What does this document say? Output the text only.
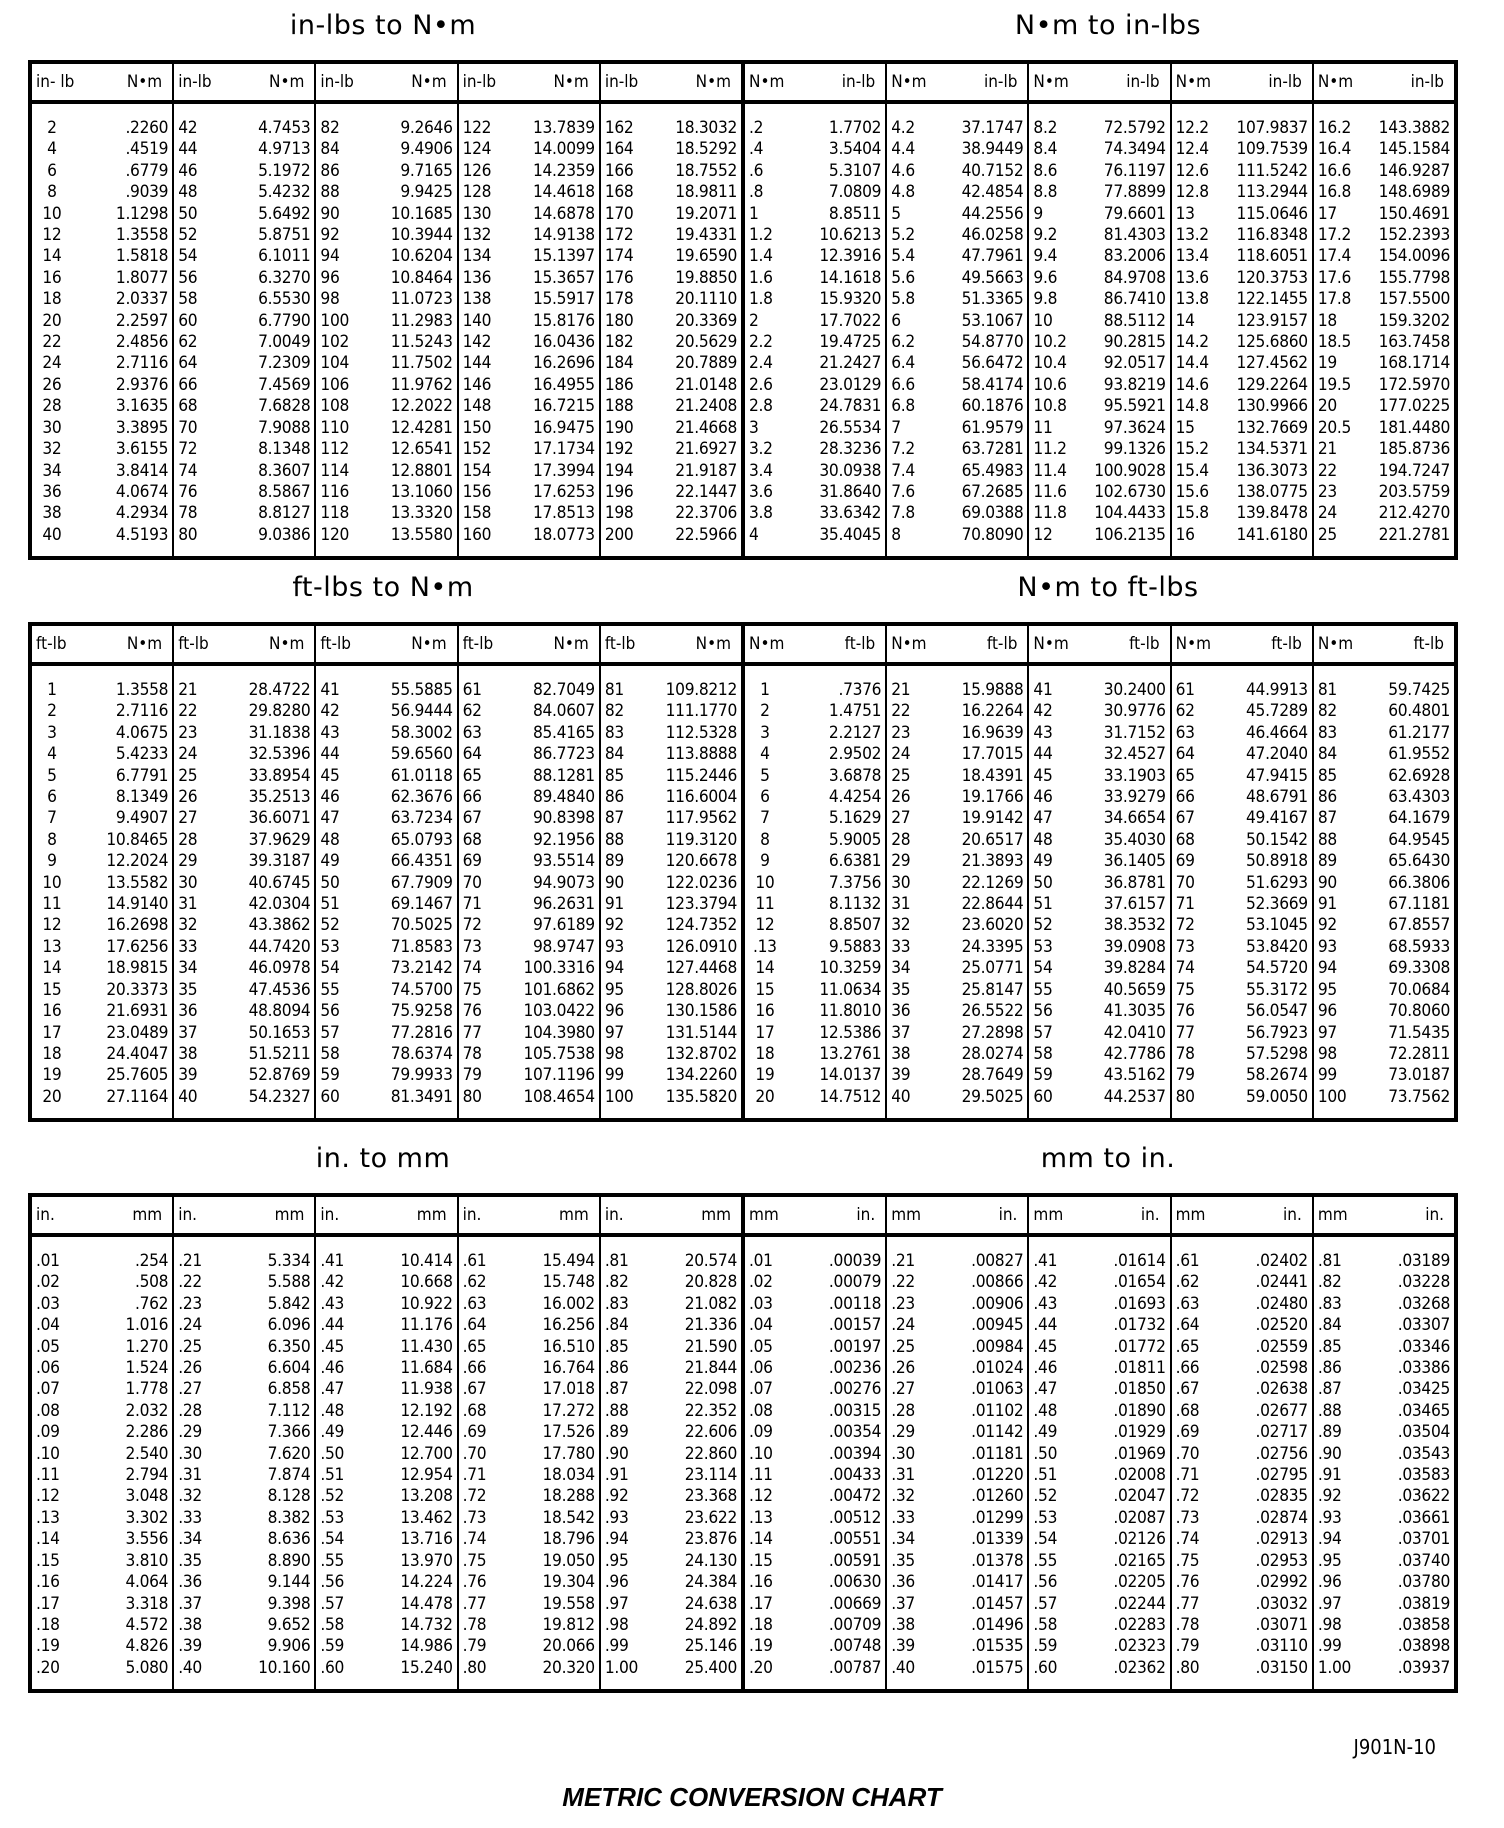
in-lbs to N•m	N•m to in-lbs
in- lb	N•m
2	.2260
4	.4519
6	.6779
8	.9039
10	1.1298
12	1.3558
14	1.5818
16	1.8077
18	2.0337
20	2.2597
22	2.4856
24	2.7116
26	2.9376
28	3.1635
30	3.3895
32	3.6155
34	3.8414
36	4.0674
38	4.2934
40	4.5193
in-lb	N•m
42	4.7453
44	4.9713
46	5.1972
48	5.4232
50	5.6492
52	5.8751
54	6.1011
56	6.3270
58	6.5530
60	6.7790
62	7.0049
64	7.2309
66	7.4569
68	7.6828
70	7.9088
72	8.1348
74	8.3607
76	8.5867
78	8.8127
80	9.0386
in-lb	N•m
82	9.2646
84	9.4906
86	9.7165
88	9.9425
90	10.1685
92	10.3944
94	10.6204
96	10.8464
98	11.0723
100	11.2983
102	11.5243
104	11.7502
106	11.9762
108	12.2022
110	12.4281
112	12.6541
114	12.8801
116	13.1060
118	13.3320
120	13.5580
in-lb	N•m
122	13.7839
124	14.0099
126	14.2359
128	14.4618
130	14.6878
132	14.9138
134	15.1397
136	15.3657
138	15.5917
140	15.8176
142	16.0436
144	16.2696
146	16.4955
148	16.7215
150	16.9475
152	17.1734
154	17.3994
156	17.6253
158	17.8513
160	18.0773
in-lb	N•m
162	18.3032
164	18.5292
166	18.7552
168	18.9811
170	19.2071
172	19.4331
174	19.6590
176	19.8850
178	20.1110
180	20.3369
182	20.5629
184	20.7889
186	21.0148
188	21.2408
190	21.4668
192	21.6927
194	21.9187
196	22.1447
198	22.3706
200	22.5966
N•m	in-lb
.2	1.7702
.4	3.5404
.6	5.3107
.8	7.0809
1	8.8511
1.2	10.6213
1.4	12.3916
1.6	14.1618
1.8	15.9320
2	17.7022
2.2	19.4725
2.4	21.2427
2.6	23.0129
2.8	24.7831
3	26.5534
3.2	28.3236
3.4	30.0938
3.6	31.8640
3.8	33.6342
4	35.4045
N•m	in-lb
4.2	37.1747
4.4	38.9449
4.6	40.7152
4.8	42.4854
5	44.2556
5.2	46.0258
5.4	47.7961
5.6	49.5663
5.8	51.3365
6	53.1067
6.2	54.8770
6.4	56.6472
6.6	58.4174
6.8	60.1876
7	61.9579
7.2	63.7281
7.4	65.4983
7.6	67.2685
7.8	69.0388
8	70.8090
N•m	in-lb
8.2	72.5792
8.4	74.3494
8.6	76.1197
8.8	77.8899
9	79.6601
9.2	81.4303
9.4	83.2006
9.6	84.9708
9.8	86.7410
10	88.5112
10.2	90.2815
10.4	92.0517
10.6	93.8219
10.8	95.5921
11	97.3624
11.2	99.1326
11.4	100.9028
11.6	102.6730
11.8	104.4433
12	106.2135
N•m	in-lb
12.2	107.9837
12.4	109.7539
12.6	111.5242
12.8	113.2944
13	115.0646
13.2	116.8348
13.4	118.6051
13.6	120.3753
13.8	122.1455
14	123.9157
14.2	125.6860
14.4	127.4562
14.6	129.2264
14.8	130.9966
15	132.7669
15.2	134.5371
15.4	136.3073
15.6	138.0775
15.8	139.8478
16	141.6180
N•m	in-lb
16.2	143.3882
16.4	145.1584
16.6	146.9287
16.8	148.6989
17	150.4691
17.2	152.2393
17.4	154.0096
17.6	155.7798
17.8	157.5500
18	159.3202
18.5	163.7458
19	168.1714
19.5	172.5970
20	177.0225
20.5	181.4480
21	185.8736
22	194.7247
23	203.5759
24	212.4270
25	221.2781
ft-lbs to N•m	N•m to ft-lbs
ft-lb	N•m
1	1.3558
2	2.7116
3	4.0675
4	5.4233
5	6.7791
6	8.1349
7	9.4907
8	10.8465
9	12.2024
10	13.5582
11	14.9140
12	16.2698
13	17.6256
14	18.9815
15	20.3373
16	21.6931
17	23.0489
18	24.4047
19	25.7605
20	27.1164
ft-lb	N•m
21	28.4722
22	29.8280
23	31.1838
24	32.5396
25	33.8954
26	35.2513
27	36.6071
28	37.9629
29	39.3187
30	40.6745
31	42.0304
32	43.3862
33	44.7420
34	46.0978
35	47.4536
36	48.8094
37	50.1653
38	51.5211
39	52.8769
40	54.2327
ft-lb	N•m
41	55.5885
42	56.9444
43	58.3002
44	59.6560
45	61.0118
46	62.3676
47	63.7234
48	65.0793
49	66.4351
50	67.7909
51	69.1467
52	70.5025
53	71.8583
54	73.2142
55	74.5700
56	75.9258
57	77.2816
58	78.6374
59	79.9933
60	81.3491
ft-lb	N•m
61	82.7049
62	84.0607
63	85.4165
64	86.7723
65	88.1281
66	89.4840
67	90.8398
68	92.1956
69	93.5514
70	94.9073
71	96.2631
72	97.6189
73	98.9747
74	100.3316
75	101.6862
76	103.0422
77	104.3980
78	105.7538
79	107.1196
80	108.4654
ft-lb	N•m
81	109.8212
82	111.1770
83	112.5328
84	113.8888
85	115.2446
86	116.6004
87	117.9562
88	119.3120
89	120.6678
90	122.0236
91	123.3794
92	124.7352
93	126.0910
94	127.4468
95	128.8026
96	130.1586
97	131.5144
98	132.8702
99	134.2260
100	135.5820
N•m	ft-lb
1	.7376
2	1.4751
3	2.2127
4	2.9502
5	3.6878
6	4.4254
7	5.1629
8	5.9005
9	6.6381
10	7.3756
11	8.1132
12	8.8507
.13	9.5883
14	10.3259
15	11.0634
16	11.8010
17	12.5386
18	13.2761
19	14.0137
20	14.7512
N•m	ft-lb
21	15.9888
22	16.2264
23	16.9639
24	17.7015
25	18.4391
26	19.1766
27	19.9142
28	20.6517
29	21.3893
30	22.1269
31	22.8644
32	23.6020
33	24.3395
34	25.0771
35	25.8147
36	26.5522
37	27.2898
38	28.0274
39	28.7649
40	29.5025
N•m	ft-lb
41	30.2400
42	30.9776
43	31.7152
44	32.4527
45	33.1903
46	33.9279
47	34.6654
48	35.4030
49	36.1405
50	36.8781
51	37.6157
52	38.3532
53	39.0908
54	39.8284
55	40.5659
56	41.3035
57	42.0410
58	42.7786
59	43.5162
60	44.2537
N•m	ft-lb
61	44.9913
62	45.7289
63	46.4664
64	47.2040
65	47.9415
66	48.6791
67	49.4167
68	50.1542
69	50.8918
70	51.6293
71	52.3669
72	53.1045
73	53.8420
74	54.5720
75	55.3172
76	56.0547
77	56.7923
78	57.5298
79	58.2674
80	59.0050
N•m	ft-lb
81	59.7425
82	60.4801
83	61.2177
84	61.9552
85	62.6928
86	63.4303
87	64.1679
88	64.9545
89	65.6430
90	66.3806
91	67.1181
92	67.8557
93	68.5933
94	69.3308
95	70.0684
96	70.8060
97	71.5435
98	72.2811
99	73.0187
100	73.7562
in. to mm	mm to in.
in.	mm
.01	.254
.02	.508
.03	.762
.04	1.016
.05	1.270
.06	1.524
.07	1.778
.08	2.032
.09	2.286
.10	2.540
.11	2.794
.12	3.048
.13	3.302
.14	3.556
.15	3.810
.16	4.064
.17	3.318
.18	4.572
.19	4.826
.20	5.080
in.	mm
.21	5.334
.22	5.588
.23	5.842
.24	6.096
.25	6.350
.26	6.604
.27	6.858
.28	7.112
.29	7.366
.30	7.620
.31	7.874
.32	8.128
.33	8.382
.34	8.636
.35	8.890
.36	9.144
.37	9.398
.38	9.652
.39	9.906
.40	10.160
in.	mm
.41	10.414
.42	10.668
.43	10.922
.44	11.176
.45	11.430
.46	11.684
.47	11.938
.48	12.192
.49	12.446
.50	12.700
.51	12.954
.52	13.208
.53	13.462
.54	13.716
.55	13.970
.56	14.224
.57	14.478
.58	14.732
.59	14.986
.60	15.240
in.	mm
.61	15.494
.62	15.748
.63	16.002
.64	16.256
.65	16.510
.66	16.764
.67	17.018
.68	17.272
.69	17.526
.70	17.780
.71	18.034
.72	18.288
.73	18.542
.74	18.796
.75	19.050
.76	19.304
.77	19.558
.78	19.812
.79	20.066
.80	20.320
in.	mm
.81	20.574
.82	20.828
.83	21.082
.84	21.336
.85	21.590
.86	21.844
.87	22.098
.88	22.352
.89	22.606
.90	22.860
.91	23.114
.92	23.368
.93	23.622
.94	23.876
.95	24.130
.96	24.384
.97	24.638
.98	24.892
.99	25.146
1.00	25.400
mm	in.
.01	.00039
.02	.00079
.03	.00118
.04	.00157
.05	.00197
.06	.00236
.07	.00276
.08	.00315
.09	.00354
.10	.00394
.11	.00433
.12	.00472
.13	.00512
.14	.00551
.15	.00591
.16	.00630
.17	.00669
.18	.00709
.19	.00748
.20	.00787
mm	in.
.21	.00827
.22	.00866
.23	.00906
.24	.00945
.25	.00984
.26	.01024
.27	.01063
.28	.01102
.29	.01142
.30	.01181
.31	.01220
.32	.01260
.33	.01299
.34	.01339
.35	.01378
.36	.01417
.37	.01457
.38	.01496
.39	.01535
.40	.01575
mm	in.
.41	.01614
.42	.01654
.43	.01693
.44	.01732
.45	.01772
.46	.01811
.47	.01850
.48	.01890
.49	.01929
.50	.01969
.51	.02008
.52	.02047
.53	.02087
.54	.02126
.55	.02165
.56	.02205
.57	.02244
.58	.02283
.59	.02323
.60	.02362
mm	in.
.61	.02402
.62	.02441
.63	.02480
.64	.02520
.65	.02559
.66	.02598
.67	.02638
.68	.02677
.69	.02717
.70	.02756
.71	.02795
.72	.02835
.73	.02874
.74	.02913
.75	.02953
.76	.02992
.77	.03032
.78	.03071
.79	.03110
.80	.03150
mm	in.
.81	.03189
.82	.03228
.83	.03268
.84	.03307
.85	.03346
.86	.03386
.87	.03425
.88	.03465
.89	.03504
.90	.03543
.91	.03583
.92	.03622
.93	.03661
.94	.03701
.95	.03740
.96	.03780
.97	.03819
.98	.03858
.99	.03898
1.00	.03937
J901N-10
METRIC CONVERSION CHART
